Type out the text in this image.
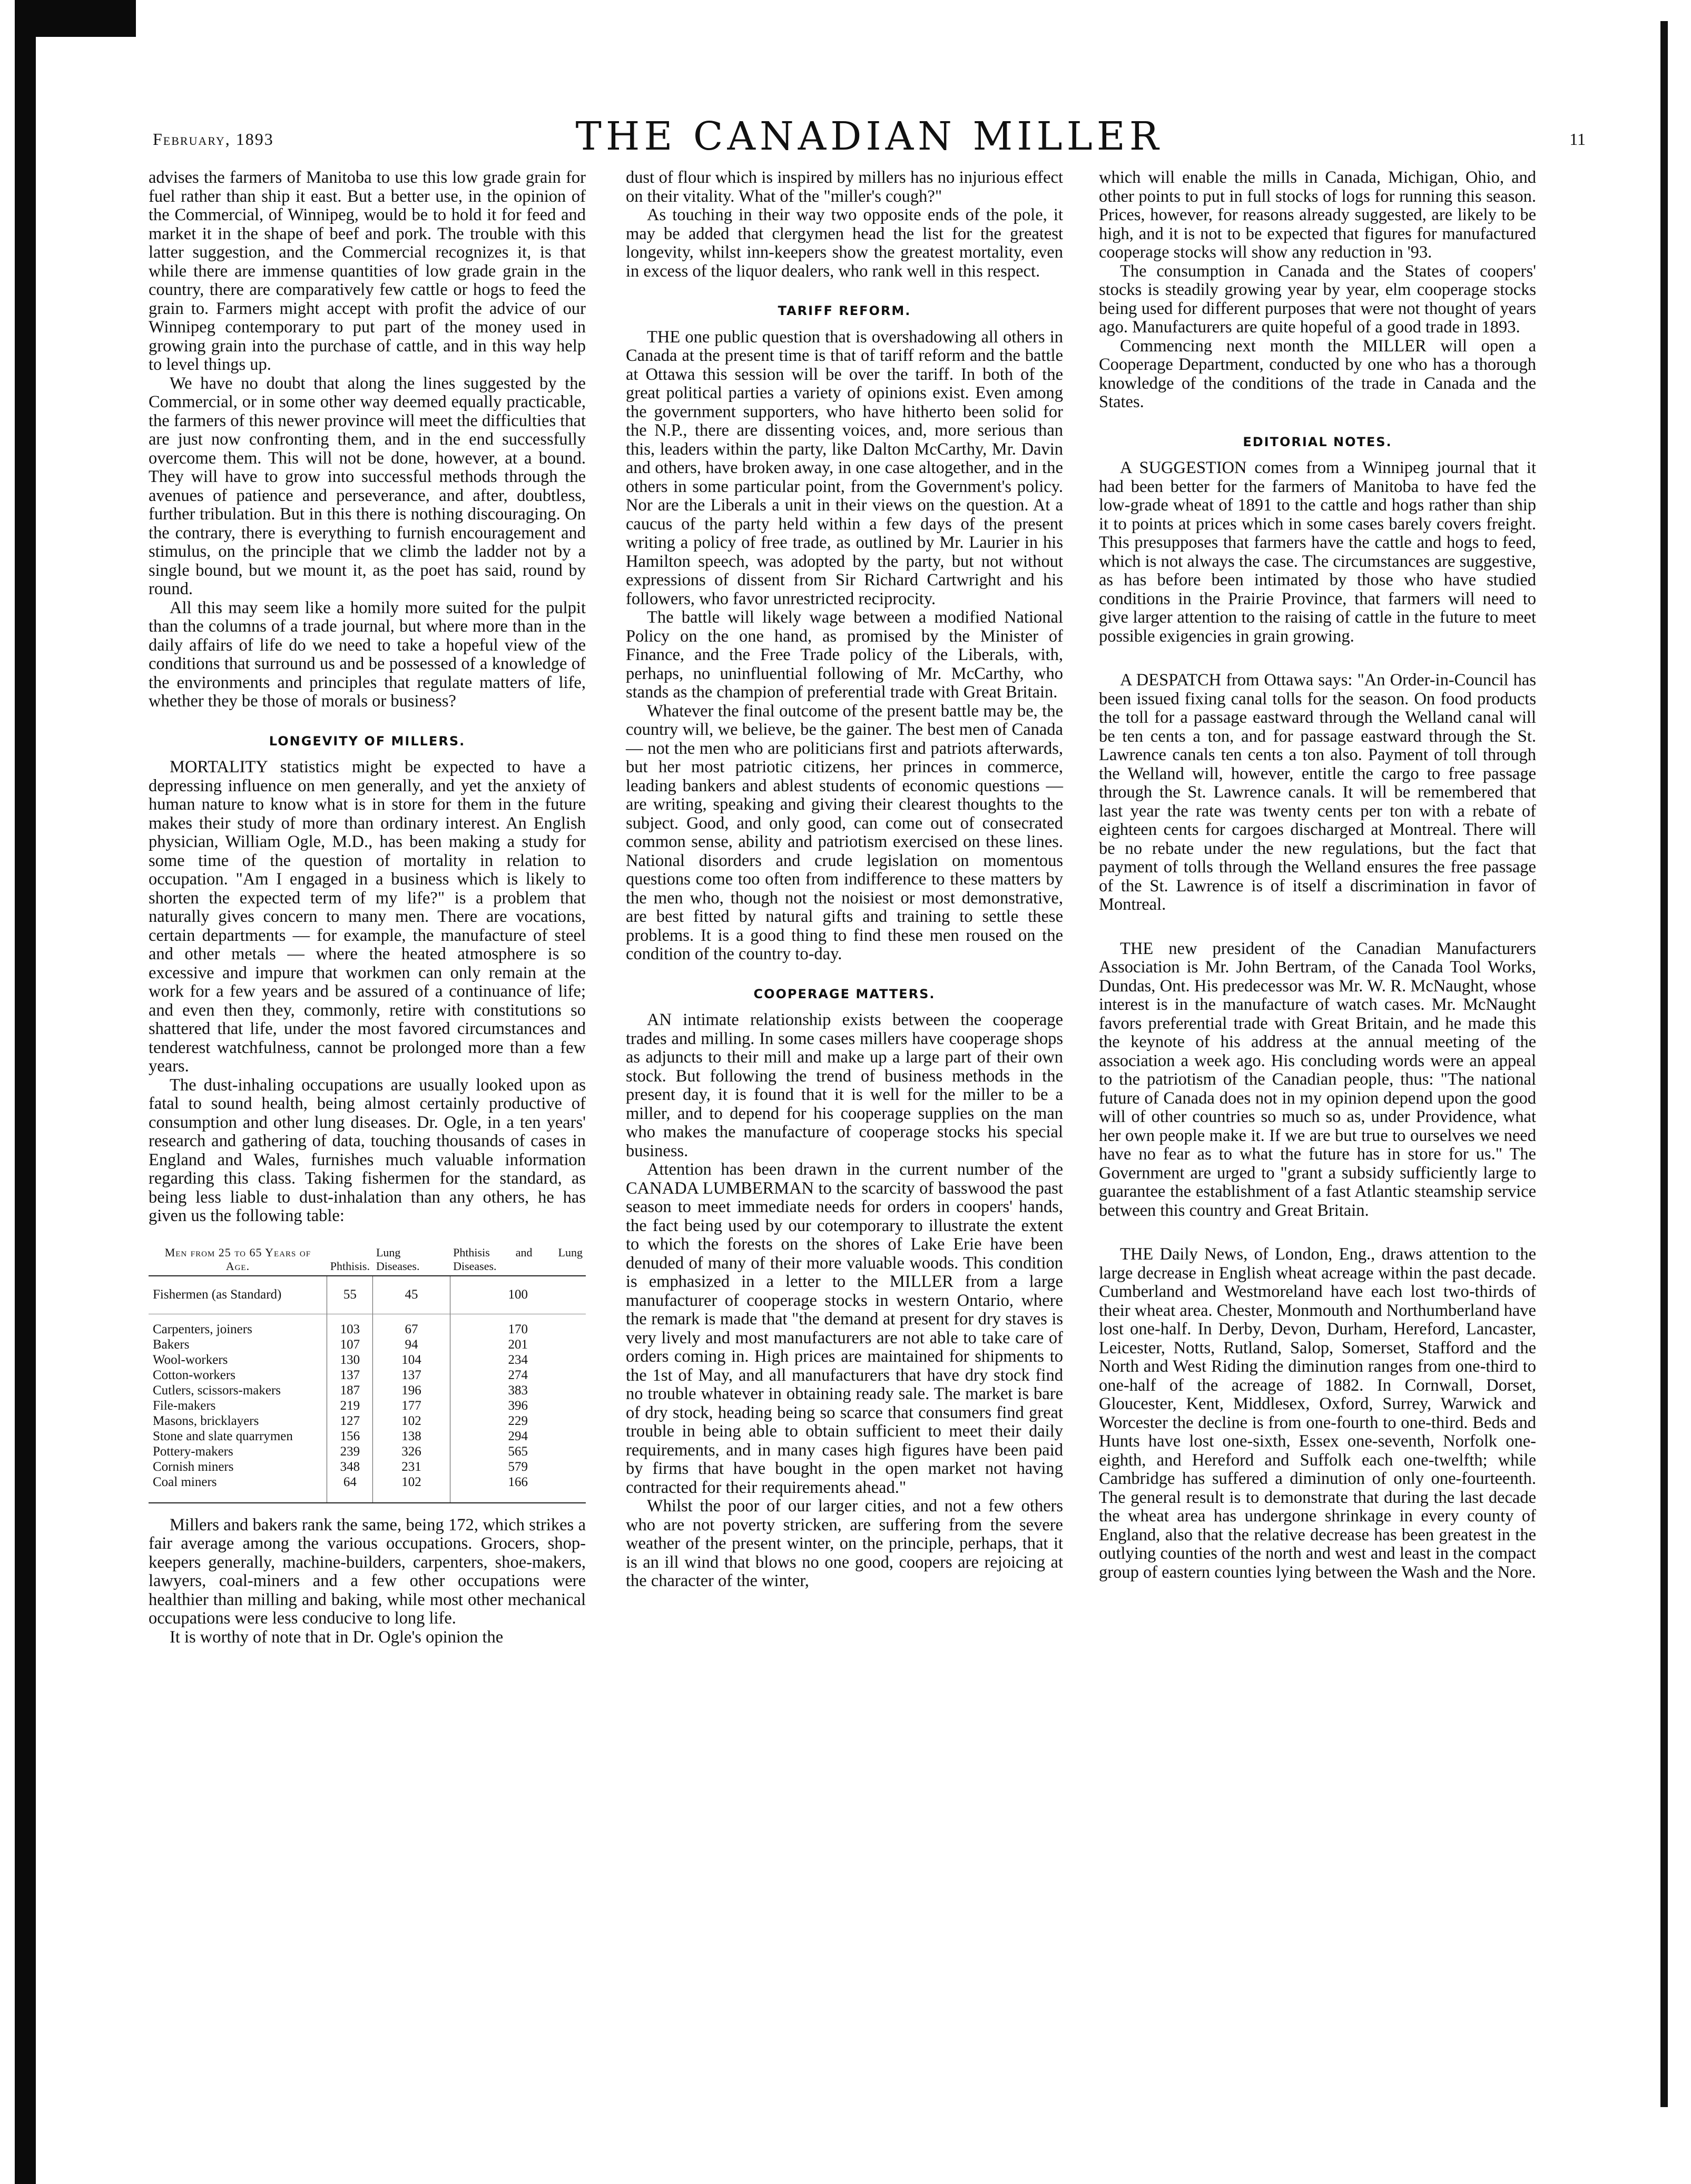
February, 1893	THE CANADIAN MILLER	11

advises the farmers of Manitoba to use this low grade grain for fuel rather than ship it east. But a better use, in the opinion of the Commercial, of Winnipeg, would be to hold it for feed and market it in the shape of beef and pork. The trouble with this latter suggestion, and the Commercial recognizes it, is that while there are immense quantities of low grade grain in the country, there are comparatively few cattle or hogs to feed the grain to. Farmers might accept with profit the advice of our Winnipeg contemporary to put part of the money used in growing grain into the purchase of cattle, and in this way help to level things up.

We have no doubt that along the lines suggested by the Commercial, or in some other way deemed equally practicable, the farmers of this newer province will meet the difficulties that are just now confronting them, and in the end successfully overcome them. This will not be done, however, at a bound. They will have to grow into successful methods through the avenues of patience and perseverance, and after, doubtless, further tribulation. But in this there is nothing discouraging. On the contrary, there is everything to furnish encouragement and stimulus, on the principle that we climb the ladder not by a single bound, but we mount it, as the poet has said, round by round.

All this may seem like a homily more suited for the pulpit than the columns of a trade journal, but where more than in the daily affairs of life do we need to take a hopeful view of the conditions that surround us and be possessed of a knowledge of the environments and principles that regulate matters of life, whether they be those of morals or business?

LONGEVITY OF MILLERS.

MORTALITY statistics might be expected to have a depressing influence on men generally, and yet the anxiety of human nature to know what is in store for them in the future makes their study of more than ordinary interest. An English physician, William Ogle, M.D., has been making a study for some time of the question of mortality in relation to occupation. "Am I engaged in a business which is likely to shorten the expected term of my life?" is a problem that naturally gives concern to many men. There are vocations, certain departments — for example, the manufacture of steel and other metals — where the heated atmosphere is so excessive and impure that workmen can only remain at the work for a few years and be assured of a continuance of life; and even then they, commonly, retire with constitutions so shattered that life, under the most favored circumstances and tenderest watchfulness, cannot be prolonged more than a few years.

The dust-inhaling occupations are usually looked upon as fatal to sound health, being almost certainly productive of consumption and other lung diseases. Dr. Ogle, in a ten years' research and gathering of data, touching thousands of cases in England and Wales, furnishes much valuable information regarding this class. Taking fishermen for the standard, as being less liable to dust-inhalation than any others, he has given us the following table:

Men from 25 to 65 Years of Age.	Phthisis.	Lung Diseases.	Phthisis and Lung Diseases.
Fishermen (as Standard)	55	45	100
Carpenters, joiners	103	67	170
Bakers	107	94	201
Wool-workers	130	104	234
Cotton-workers	137	137	274
Cutlers, scissors-makers	187	196	383
File-makers	219	177	396
Masons, bricklayers	127	102	229
Stone and slate quarrymen	156	138	294
Pottery-makers	239	326	565
Cornish miners	348	231	579
Coal miners	64	102	166

Millers and bakers rank the same, being 172, which strikes a fair average among the various occupations. Grocers, shop-keepers generally, machine-builders, carpenters, shoe-makers, lawyers, coal-miners and a few other occupations were healthier than milling and baking, while most other mechanical occupations were less conducive to long life.

It is worthy of note that in Dr. Ogle's opinion the

dust of flour which is inspired by millers has no injurious effect on their vitality. What of the "miller's cough?"

As touching in their way two opposite ends of the pole, it may be added that clergymen head the list for the greatest longevity, whilst inn-keepers show the greatest mortality, even in excess of the liquor dealers, who rank well in this respect.

TARIFF REFORM.

THE one public question that is overshadowing all others in Canada at the present time is that of tariff reform and the battle at Ottawa this session will be over the tariff. In both of the great political parties a variety of opinions exist. Even among the government supporters, who have hitherto been solid for the N.P., there are dissenting voices, and, more serious than this, leaders within the party, like Dalton McCarthy, Mr. Davin and others, have broken away, in one case altogether, and in the others in some particular point, from the Government's policy. Nor are the Liberals a unit in their views on the question. At a caucus of the party held within a few days of the present writing a policy of free trade, as outlined by Mr. Laurier in his Hamilton speech, was adopted by the party, but not without expressions of dissent from Sir Richard Cartwright and his followers, who favor unrestricted reciprocity.

The battle will likely wage between a modified National Policy on the one hand, as promised by the Minister of Finance, and the Free Trade policy of the Liberals, with, perhaps, no uninfluential following of Mr. McCarthy, who stands as the champion of preferential trade with Great Britain.

Whatever the final outcome of the present battle may be, the country will, we believe, be the gainer. The best men of Canada — not the men who are politicians first and patriots afterwards, but her most patriotic citizens, her princes in commerce, leading bankers and ablest students of economic questions — are writing, speaking and giving their clearest thoughts to the subject. Good, and only good, can come out of consecrated common sense, ability and patriotism exercised on these lines. National disorders and crude legislation on momentous questions come too often from indifference to these matters by the men who, though not the noisiest or most demonstrative, are best fitted by natural gifts and training to settle these problems. It is a good thing to find these men roused on the condition of the country to-day.

COOPERAGE MATTERS.

AN intimate relationship exists between the cooperage trades and milling. In some cases millers have cooperage shops as adjuncts to their mill and make up a large part of their own stock. But following the trend of business methods in the present day, it is found that it is well for the miller to be a miller, and to depend for his cooperage supplies on the man who makes the manufacture of cooperage stocks his special business.

Attention has been drawn in the current number of the CANADA LUMBERMAN to the scarcity of basswood the past season to meet immediate needs for orders in coopers' hands, the fact being used by our cotemporary to illustrate the extent to which the forests on the shores of Lake Erie have been denuded of many of their more valuable woods. This condition is emphasized in a letter to the MILLER from a large manufacturer of cooperage stocks in western Ontario, where the remark is made that "the demand at present for dry staves is very lively and most manufacturers are not able to take care of orders coming in. High prices are maintained for shipments to the 1st of May, and all manufacturers that have dry stock find no trouble whatever in obtaining ready sale. The market is bare of dry stock, heading being so scarce that consumers find great trouble in being able to obtain sufficient to meet their daily requirements, and in many cases high figures have been paid by firms that have bought in the open market not having contracted for their requirements ahead."

Whilst the poor of our larger cities, and not a few others who are not poverty stricken, are suffering from the severe weather of the present winter, on the principle, perhaps, that it is an ill wind that blows no one good, coopers are rejoicing at the character of the winter,

which will enable the mills in Canada, Michigan, Ohio, and other points to put in full stocks of logs for running this season. Prices, however, for reasons already suggested, are likely to be high, and it is not to be expected that figures for manufactured cooperage stocks will show any reduction in '93.

The consumption in Canada and the States of coopers' stocks is steadily growing year by year, elm cooperage stocks being used for different purposes that were not thought of years ago. Manufacturers are quite hopeful of a good trade in 1893.

Commencing next month the MILLER will open a Cooperage Department, conducted by one who has a thorough knowledge of the conditions of the trade in Canada and the States.

EDITORIAL NOTES.

A SUGGESTION comes from a Winnipeg journal that it had been better for the farmers of Manitoba to have fed the low-grade wheat of 1891 to the cattle and hogs rather than ship it to points at prices which in some cases barely covers freight. This presupposes that farmers have the cattle and hogs to feed, which is not always the case. The circumstances are suggestive, as has before been intimated by those who have studied conditions in the Prairie Province, that farmers will need to give larger attention to the raising of cattle in the future to meet possible exigencies in grain growing.

A DESPATCH from Ottawa says: "An Order-in-Council has been issued fixing canal tolls for the season. On food products the toll for a passage eastward through the Welland canal will be ten cents a ton, and for passage eastward through the St. Lawrence canals ten cents a ton also. Payment of toll through the Welland will, however, entitle the cargo to free passage through the St. Lawrence canals. It will be remembered that last year the rate was twenty cents per ton with a rebate of eighteen cents for cargoes discharged at Montreal. There will be no rebate under the new regulations, but the fact that payment of tolls through the Welland ensures the free passage of the St. Lawrence is of itself a discrimination in favor of Montreal.

THE new president of the Canadian Manufacturers Association is Mr. John Bertram, of the Canada Tool Works, Dundas, Ont. His predecessor was Mr. W. R. McNaught, whose interest is in the manufacture of watch cases. Mr. McNaught favors preferential trade with Great Britain, and he made this the keynote of his address at the annual meeting of the association a week ago. His concluding words were an appeal to the patriotism of the Canadian people, thus: "The national future of Canada does not in my opinion depend upon the good will of other countries so much so as, under Providence, what her own people make it. If we are but true to ourselves we need have no fear as to what the future has in store for us." The Government are urged to "grant a subsidy sufficiently large to guarantee the establishment of a fast Atlantic steamship service between this country and Great Britain.

THE Daily News, of London, Eng., draws attention to the large decrease in English wheat acreage within the past decade. Cumberland and Westmoreland have each lost two-thirds of their wheat area. Chester, Monmouth and Northumberland have lost one-half. In Derby, Devon, Durham, Hereford, Lancaster, Leicester, Notts, Rutland, Salop, Somerset, Stafford and the North and West Riding the diminution ranges from one-third to one-half of the acreage of 1882. In Cornwall, Dorset, Gloucester, Kent, Middlesex, Oxford, Surrey, Warwick and Worcester the decline is from one-fourth to one-third. Beds and Hunts have lost one-sixth, Essex one-seventh, Norfolk one-eighth, and Hereford and Suffolk each one-twelfth; while Cambridge has suffered a diminution of only one-fourteenth. The general result is to demonstrate that during the last decade the wheat area has undergone shrinkage in every county of England, also that the relative decrease has been greatest in the outlying counties of the north and west and least in the compact group of eastern counties lying between the Wash and the Nore.
